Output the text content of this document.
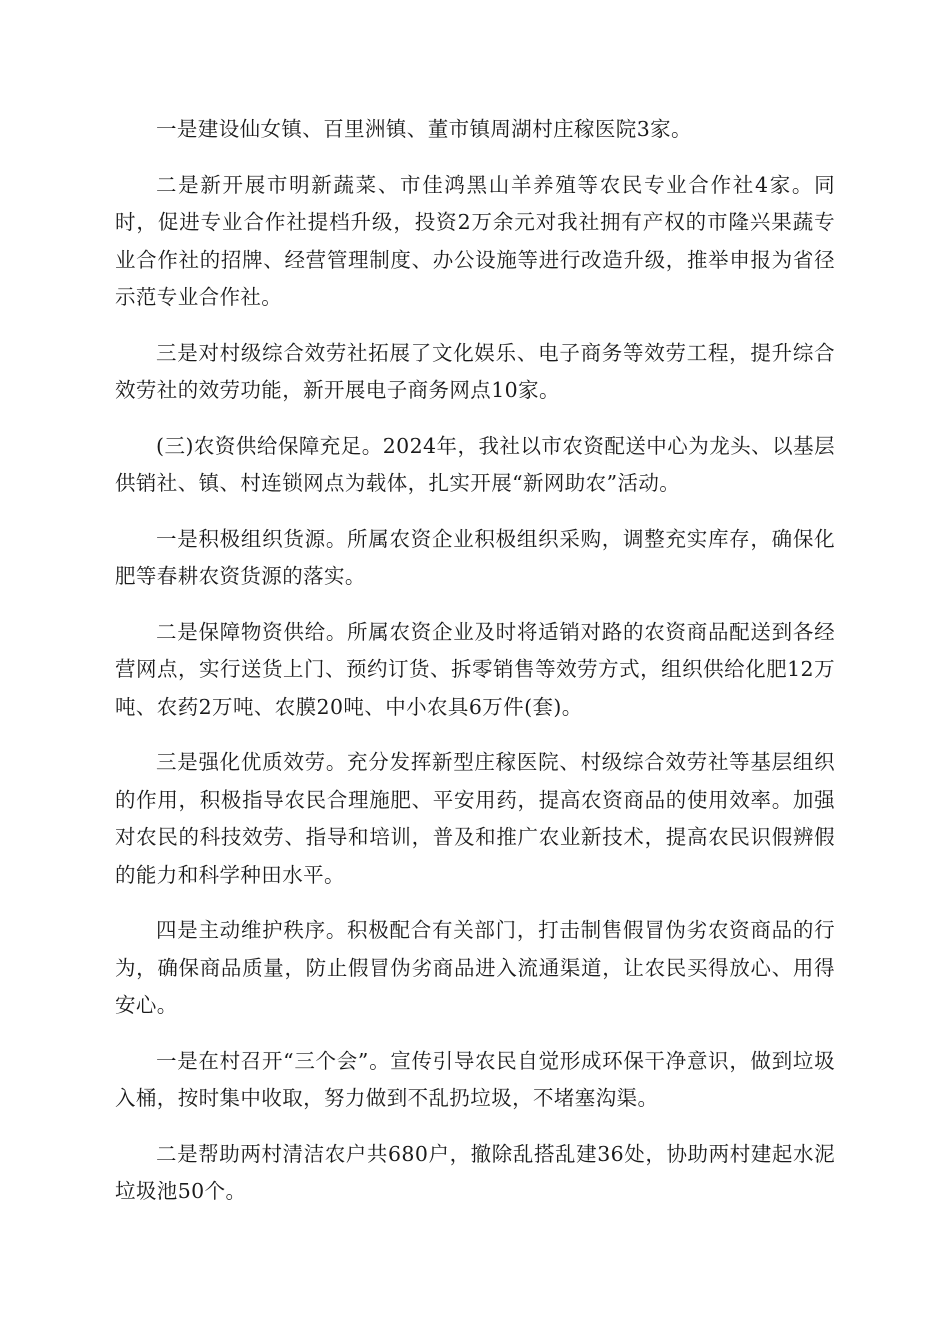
一是建设仙女镇、百里洲镇、董市镇周湖村庄稼医院3家。

二是新开展市明新蔬菜、市佳鸿黑山羊养殖等农民专业合作社4家。同时，促进专业合作社提档升级，投资2万余元对我社拥有产权的市隆兴果蔬专业合作社的招牌、经营管理制度、办公设施等进行改造升级，推举申报为省径示范专业合作社。

三是对村级综合效劳社拓展了文化娱乐、电子商务等效劳工程，提升综合效劳社的效劳功能，新开展电子商务网点10家。

(三)农资供给保障充足。2024年，我社以市农资配送中心为龙头、以基层供销社、镇、村连锁网点为载体，扎实开展“新网助农”活动。

一是积极组织货源。所属农资企业积极组织采购，调整充实库存，确保化肥等春耕农资货源的落实。

二是保障物资供给。所属农资企业及时将适销对路的农资商品配送到各经营网点，实行送货上门、预约订货、拆零销售等效劳方式，组织供给化肥12万吨、农药2万吨、农膜20吨、中小农具6万件(套)。

三是强化优质效劳。充分发挥新型庄稼医院、村级综合效劳社等基层组织的作用，积极指导农民合理施肥、平安用药，提高农资商品的使用效率。加强对农民的科技效劳、指导和培训，普及和推广农业新技术，提高农民识假辨假的能力和科学种田水平。

四是主动维护秩序。积极配合有关部门，打击制售假冒伪劣农资商品的行为，确保商品质量，防止假冒伪劣商品进入流通渠道，让农民买得放心、用得安心。

一是在村召开“三个会”。宣传引导农民自觉形成环保干净意识，做到垃圾入桶，按时集中收取，努力做到不乱扔垃圾，不堵塞沟渠。

二是帮助两村清洁农户共680户，撤除乱搭乱建36处，协助两村建起水泥垃圾池50个。
